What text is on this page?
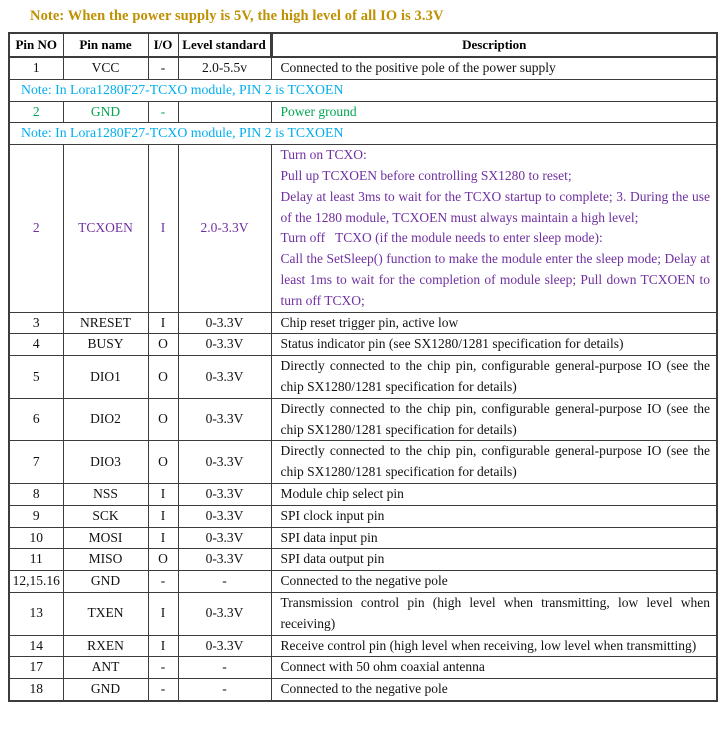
Note: When the power supply is 5V, the high level of all IO is 3.3V
Pin NO	Pin name	I/O	Level standard	Description
1	VCC	-	2.0-5.5v	Connected to the positive pole of the power supply
Note: In Lora1280F27-TCXO module, PIN 2 is TCXOEN				
2	GND	-		Power ground
Note: In Lora1280F27-TCXO module, PIN 2 is TCXOEN				
2	TCXOEN	I	2.0-3.3V	Turn on TCXO:
Pull up TCXOEN before controlling SX1280 to reset;
Delay at least 3ms to wait for the TCXO startup to complete; 3. During the use of the 1280 module, TCXOEN must always maintain a high level;
Turn off   TCXO (if the module needs to enter sleep mode):
Call the SetSleep() function to make the module enter the sleep mode; Delay at least 1ms to wait for the completion of module sleep; Pull down TCXOEN to turn off TCXO;

3	NRESET	I	0-3.3V	Chip reset trigger pin, active low
4	BUSY	O	0-3.3V	Status indicator pin (see SX1280/1281 specification for details)
5	DIO1	O	0-3.3V	Directly connected to the chip pin, configurable general-purpose IO (see the chip SX1280/1281 specification for details)
6	DIO2	O	0-3.3V	Directly connected to the chip pin, configurable general-purpose IO (see the chip SX1280/1281 specification for details)
7	DIO3	O	0-3.3V	Directly connected to the chip pin, configurable general-purpose IO (see the chip SX1280/1281 specification for details)
8	NSS	I	0-3.3V	Module chip select pin
9	SCK	I	0-3.3V	SPI clock input pin
10	MOSI	I	0-3.3V	SPI data input pin
11	MISO	O	0-3.3V	SPI data output pin
12,15.16	GND	-	-	Connected to the negative pole
13	TXEN	I	0-3.3V	Transmission control pin (high level when transmitting, low level when receiving)
14	RXEN	I	0-3.3V	Receive control pin (high level when receiving, low level when transmitting)
17	ANT	-	-	Connect with 50 ohm coaxial antenna
18	GND	-	-	Connected to the negative pole
